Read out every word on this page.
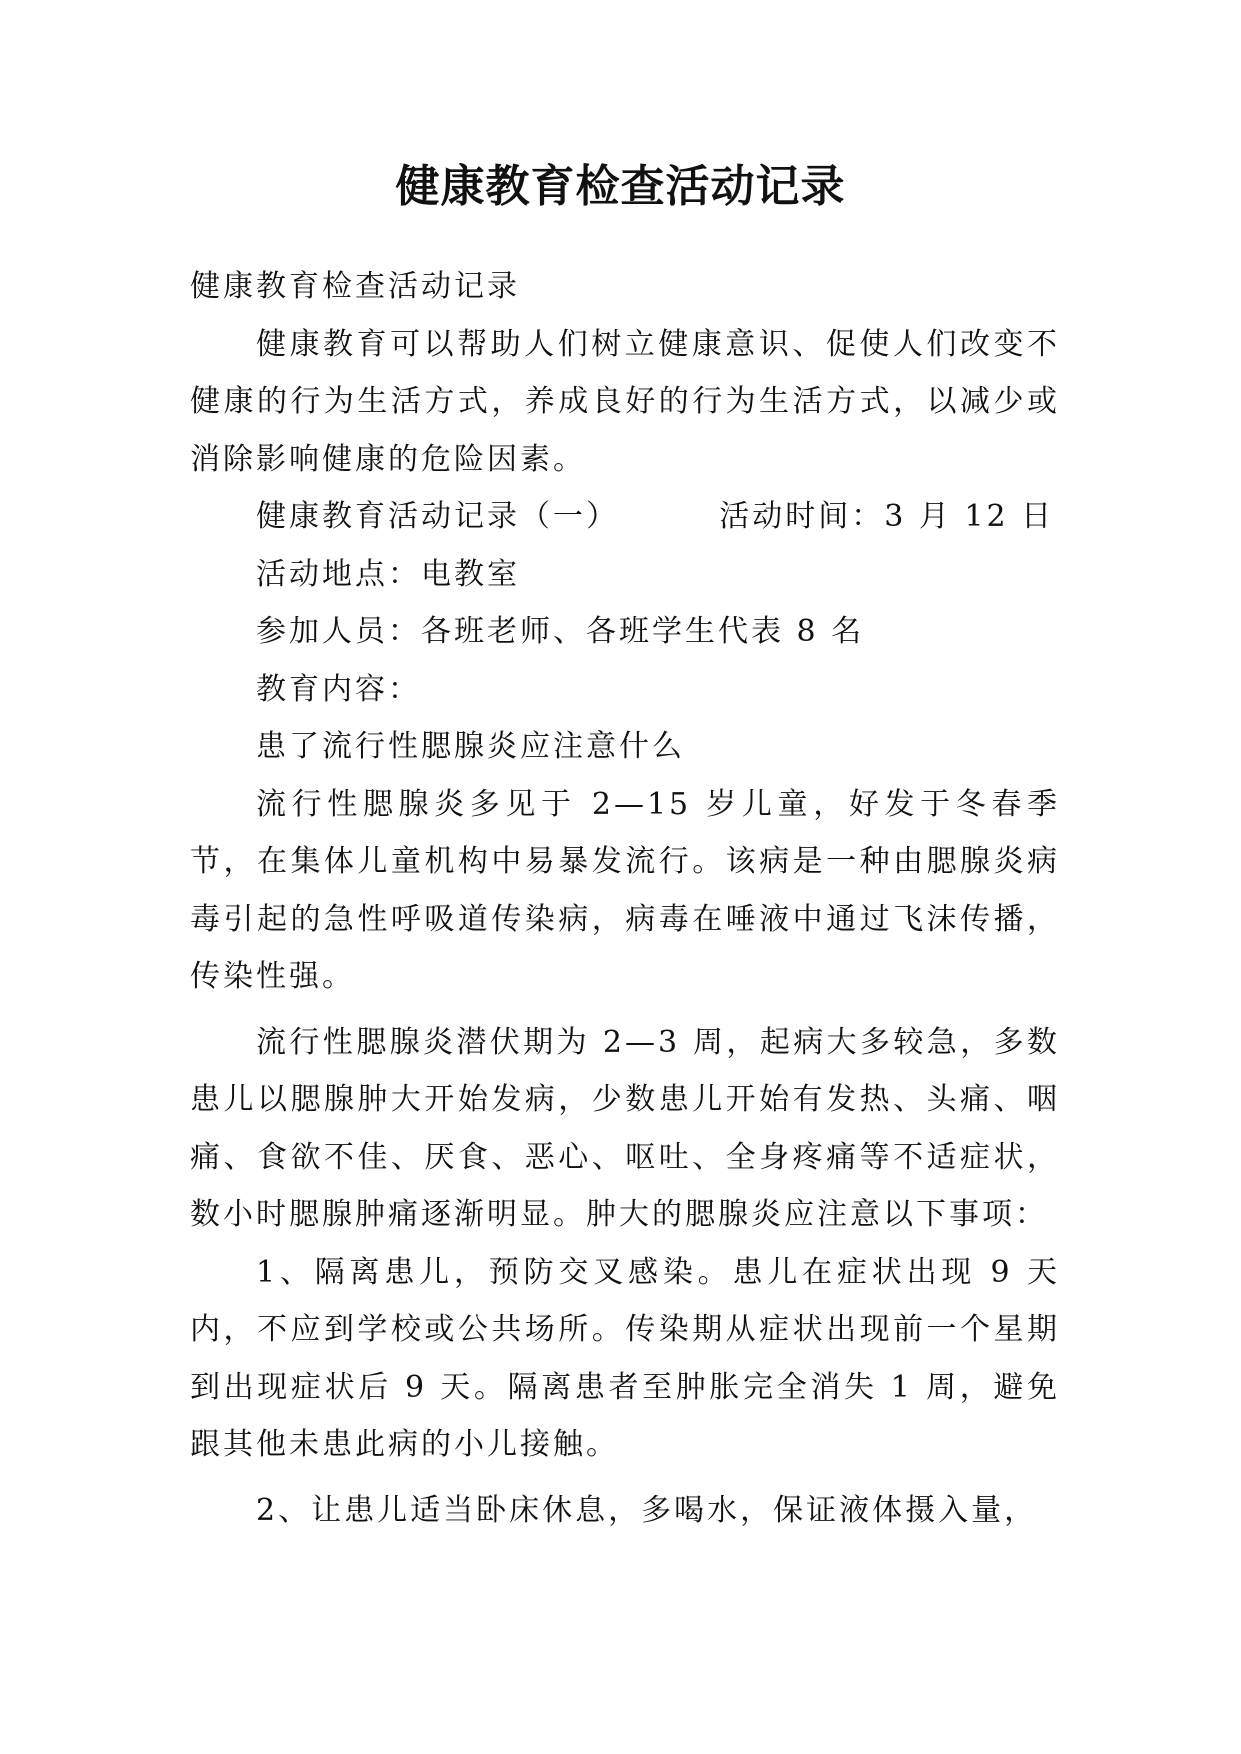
健康教育检查活动记录

健康教育检查活动记录

健康教育可以帮助人们树立健康意识、促使人们改变不健康的行为生活方式，养成良好的行为生活方式，以减少或消除影响健康的危险因素。

健康教育活动记录（一）	活动时间：3 月 12 日

活动地点：电教室

参加人员：各班老师、各班学生代表 8 名

教育内容：

患了流行性腮腺炎应注意什么

流行性腮腺炎多见于 2—15 岁儿童，好发于冬春季节，在集体儿童机构中易暴发流行。该病是一种由腮腺炎病毒引起的急性呼吸道传染病，病毒在唾液中通过飞沫传播，传染性强。

流行性腮腺炎潜伏期为 2—3 周，起病大多较急，多数患儿以腮腺肿大开始发病，少数患儿开始有发热、头痛、咽痛、食欲不佳、厌食、恶心、呕吐、全身疼痛等不适症状，数小时腮腺肿痛逐渐明显。肿大的腮腺炎应注意以下事项：

1、隔离患儿，预防交叉感染。患儿在症状出现 9 天内，不应到学校或公共场所。传染期从症状出现前一个星期到出现症状后 9 天。隔离患者至肿胀完全消失 1 周，避免跟其他未患此病的小儿接触。

2、让患儿适当卧床休息，多喝水，保证液体摄入量，
